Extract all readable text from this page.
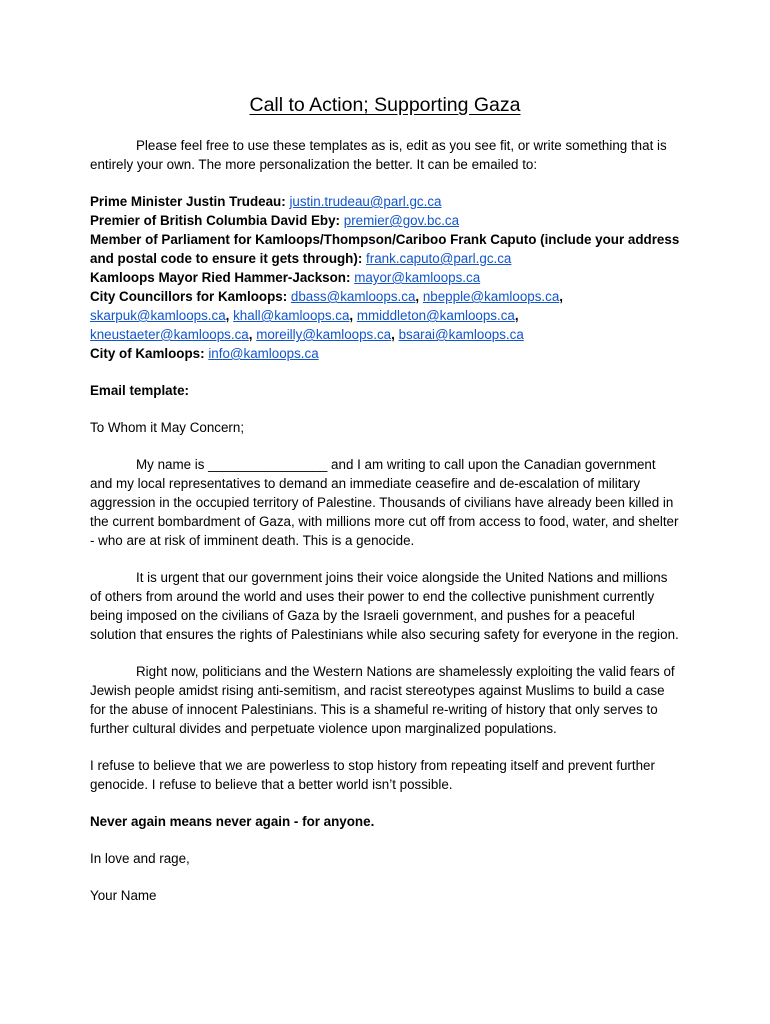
Call to Action; Supporting Gaza

Please feel free to use these templates as is, edit as you see fit, or write something that is entirely your own. The more personalization the better. It can be emailed to:

Prime Minister Justin Trudeau: justin.trudeau@parl.gc.ca

Premier of British Columbia David Eby: premier@gov.bc.ca

Member of Parliament for Kamloops/Thompson/Cariboo Frank Caputo (include your address and postal code to ensure it gets through): frank.caputo@parl.gc.ca

Kamloops Mayor Ried Hammer-Jackson: mayor@kamloops.ca

City Councillors for Kamloops: dbass@kamloops.ca, nbepple@kamloops.ca, skarpuk@kamloops.ca, khall@kamloops.ca, mmiddleton@kamloops.ca, kneustaeter@kamloops.ca, moreilly@kamloops.ca, bsarai@kamloops.ca

City of Kamloops: info@kamloops.ca

Email template:

To Whom it May Concern;

My name is ________________ and I am writing to call upon the Canadian government and my local representatives to demand an immediate ceasefire and de-escalation of military aggression in the occupied territory of Palestine. Thousands of civilians have already been killed in the current bombardment of Gaza, with millions more cut off from access to food, water, and shelter - who are at risk of imminent death. This is a genocide.

It is urgent that our government joins their voice alongside the United Nations and millions of others from around the world and uses their power to end the collective punishment currently being imposed on the civilians of Gaza by the Israeli government, and pushes for a peaceful solution that ensures the rights of Palestinians while also securing safety for everyone in the region.

Right now, politicians and the Western Nations are shamelessly exploiting the valid fears of Jewish people amidst rising anti-semitism, and racist stereotypes against Muslims to build a case for the abuse of innocent Palestinians. This is a shameful re-writing of history that only serves to further cultural divides and perpetuate violence upon marginalized populations.

I refuse to believe that we are powerless to stop history from repeating itself and prevent further genocide. I refuse to believe that a better world isn’t possible.

Never again means never again - for anyone.

In love and rage,

Your Name
